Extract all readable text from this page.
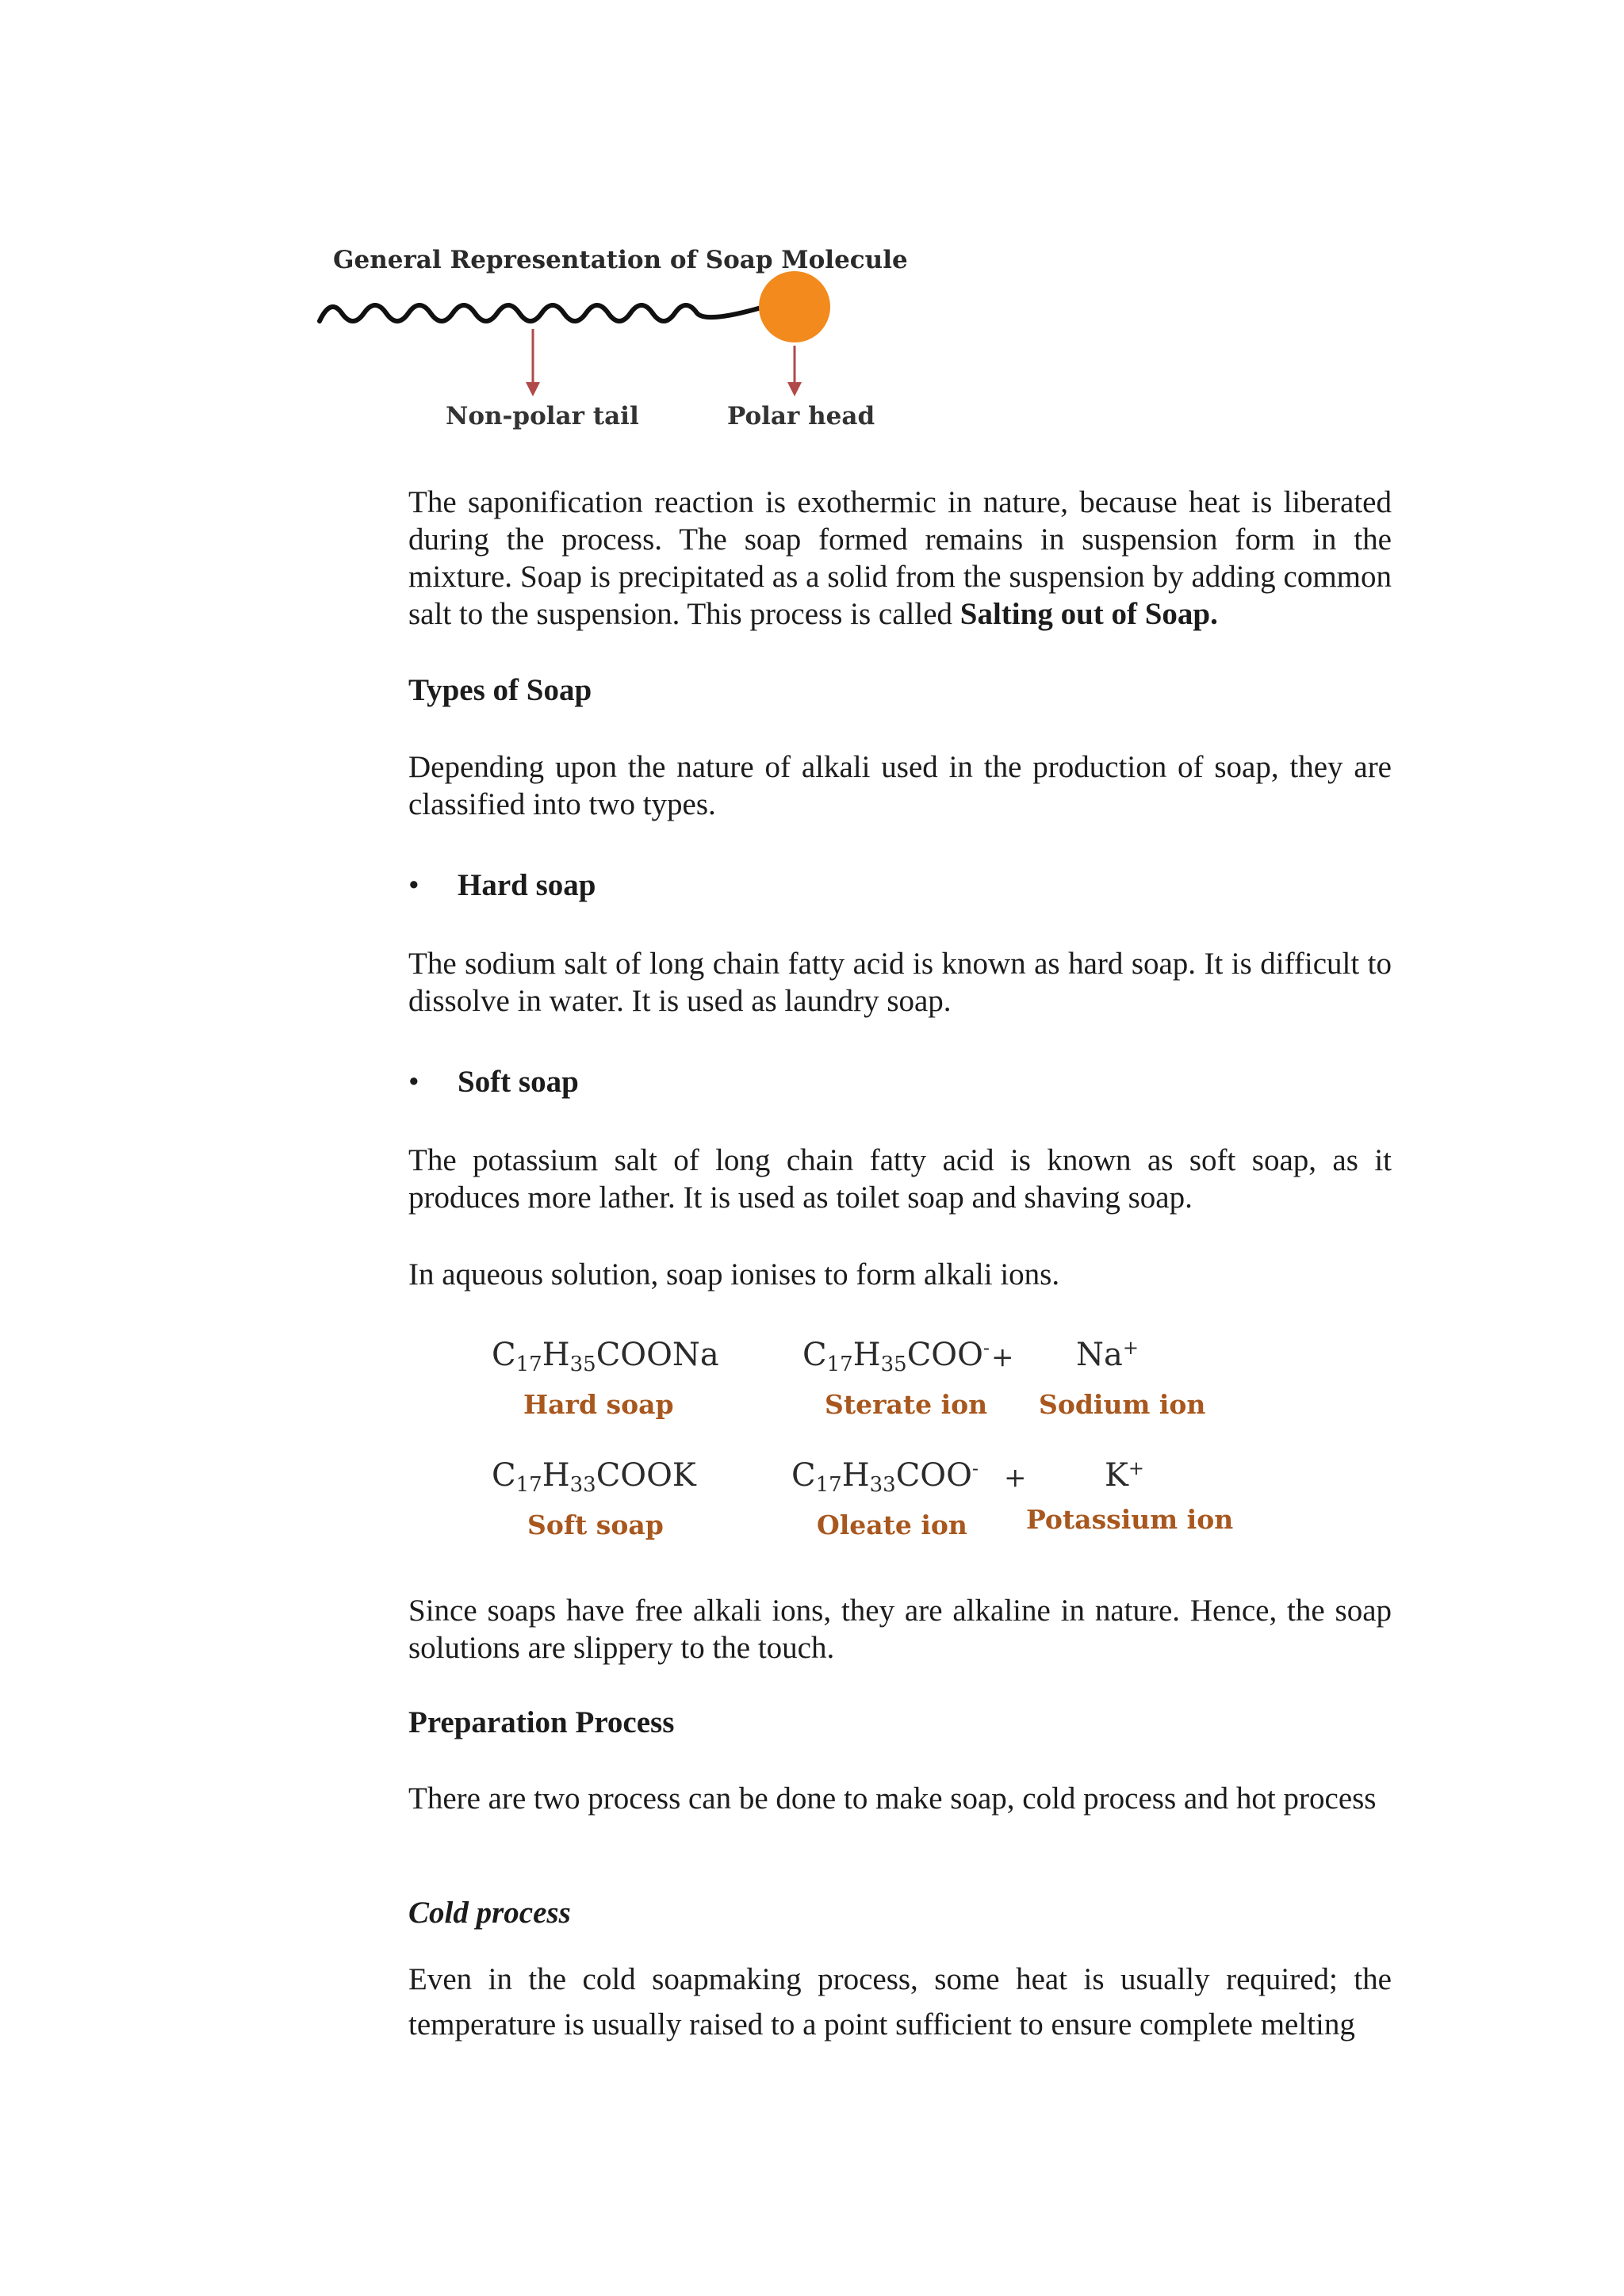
General Representation of Soap Molecule
Non-polar tail	Polar head
The saponification reaction is exothermic in nature, because heat is liberated during the process. The soap formed remains in suspension form in the mixture. Soap is precipitated as a solid from the suspension by adding common salt to the suspension. This process is called Salting out of Soap.
Types of Soap
Depending upon the nature of alkali used in the production of soap, they are classified into two types.
• Hard soap
The sodium salt of long chain fatty acid is known as hard soap. It is difficult to dissolve in water. It is used as laundry soap.
• Soft soap
The potassium salt of long chain fatty acid is known as soft soap, as it produces more lather. It is used as toilet soap and shaving soap.
In aqueous solution, soap ionises to form alkali ions.
$C_{17}H_{35}COONa$
Hard soap
$C_{17}H_{35}COO^-$ +
Sterate ion
Na+
Sodium ion
$C_{17}H_{33}COOK$
Soft soap
$C_{17}H_{33}COO^-$ +
Oleate ion
K+
Potassium ion
Since soaps have free alkali ions, they are alkaline in nature. Hence, the soap solutions are slippery to the touch.
Preparation Process
There are two process can be done to make soap, cold process and hot process
Cold process
Even in the cold soapmaking process, some heat is usually required; the temperature is usually raised to a point sufficient to ensure complete melting
